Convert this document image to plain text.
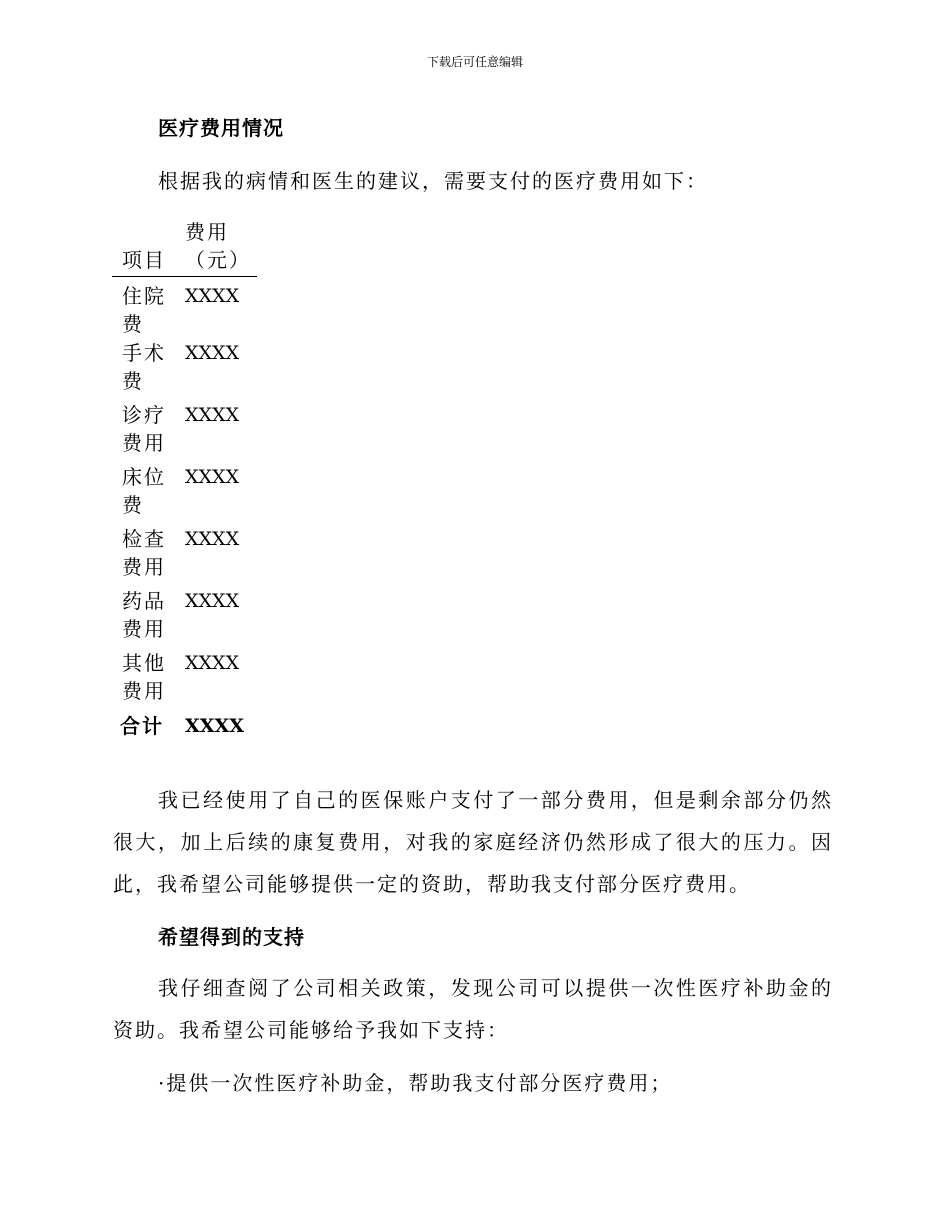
下载后可任意编辑
医疗费用情况

根据我的病情和医生的建议，需要支付的医疗费用如下：

项目	费用（元）
住院费	XXXX
手术费	XXXX
诊疗费用	XXXX
床位费	XXXX
检查费用	XXXX
药品费用	XXXX
其他费用	XXXX
合计	XXXX

我已经使用了自己的医保账户支付了一部分费用，但是剩余部分仍然很大，加上后续的康复费用，对我的家庭经济仍然形成了很大的压力。因此，我希望公司能够提供一定的资助，帮助我支付部分医疗费用。

希望得到的支持

我仔细查阅了公司相关政策，发现公司可以提供一次性医疗补助金的资助。我希望公司能够给予我如下支持：

·提供一次性医疗补助金，帮助我支付部分医疗费用；
